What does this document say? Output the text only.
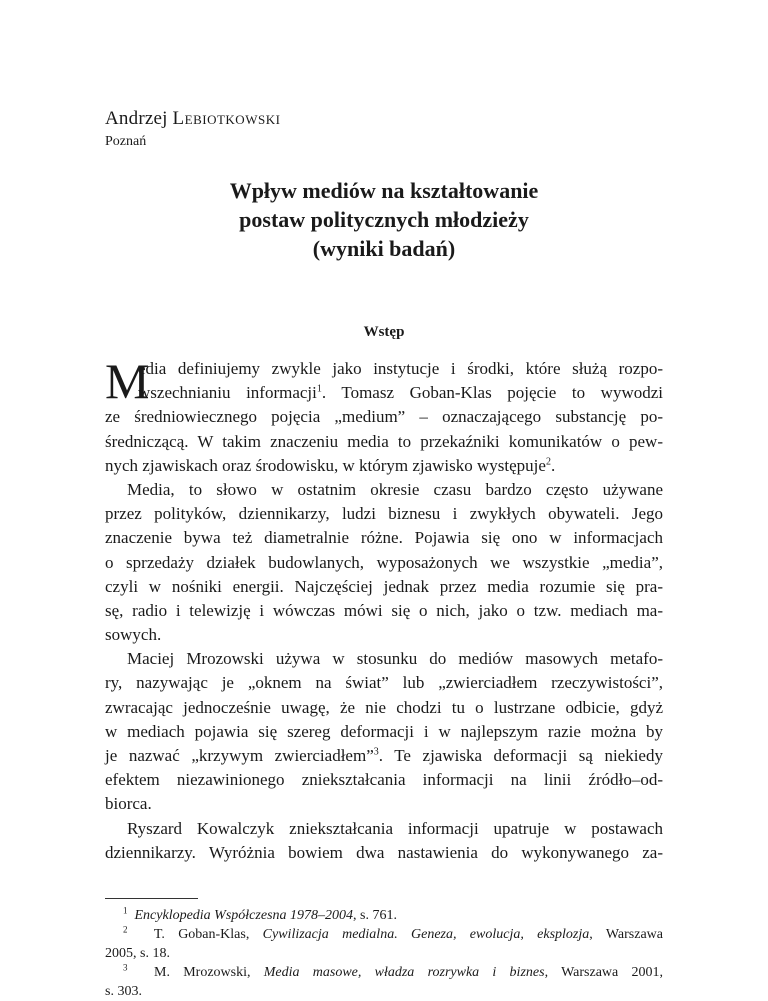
Andrzej Lebiotkowski
Poznań
Wpływ mediów na kształtowanie
postaw politycznych młodzieży
(wyniki badań)
Wstęp
M
edia definiujemy zwykle jako instytucje i środki, które służą rozpo-
wszechnianiu informacji$^1$. Tomasz Goban-Klas pojęcie to wywodzi
ze średniowiecznego pojęcia „medium” – oznaczającego substancję po-
średniczącą. W takim znaczeniu media to przekaźniki komunikatów o pew-
nych zjawiskach oraz środowisku, w którym zjawisko występuje$^2$.
Media, to słowo w ostatnim okresie czasu bardzo często używane
przez polityków, dziennikarzy, ludzi biznesu i zwykłych obywateli. Jego
znaczenie bywa też diametralnie różne. Pojawia się ono w informacjach
o sprzedaży działek budowlanych, wyposażonych we wszystkie „media”,
czyli w nośniki energii. Najczęściej jednak przez media rozumie się pra-
sę, radio i telewizję i wówczas mówi się o nich, jako o tzw. mediach ma-
sowych.
Maciej Mrozowski używa w stosunku do mediów masowych metafo-
ry, nazywając je „oknem na świat” lub „zwierciadłem rzeczywistości”,
zwracając jednocześnie uwagę, że nie chodzi tu o lustrzane odbicie, gdyż
w mediach pojawia się szereg deformacji i w najlepszym razie można by
je nazwać „krzywym zwierciadłem”$^3$. Te zjawiska deformacji są niekiedy
efektem niezawinionego zniekształcania informacji na linii źródło–od-
biorca.
Ryszard Kowalczyk zniekształcania informacji upatruje w postawach
dziennikarzy. Wyróżnia bowiem dwa nastawienia do wykonywanego za-
$^1$ Encyklopedia Współczesna 1978–2004, s. 761.
$^2$ T. Goban-Klas, Cywilizacja medialna. Geneza, ewolucja, eksplozja, Warszawa
2005, s. 18.
$^3$ M. Mrozowski, Media masowe, władza rozrywka i biznes, Warszawa 2001,
s. 303.
